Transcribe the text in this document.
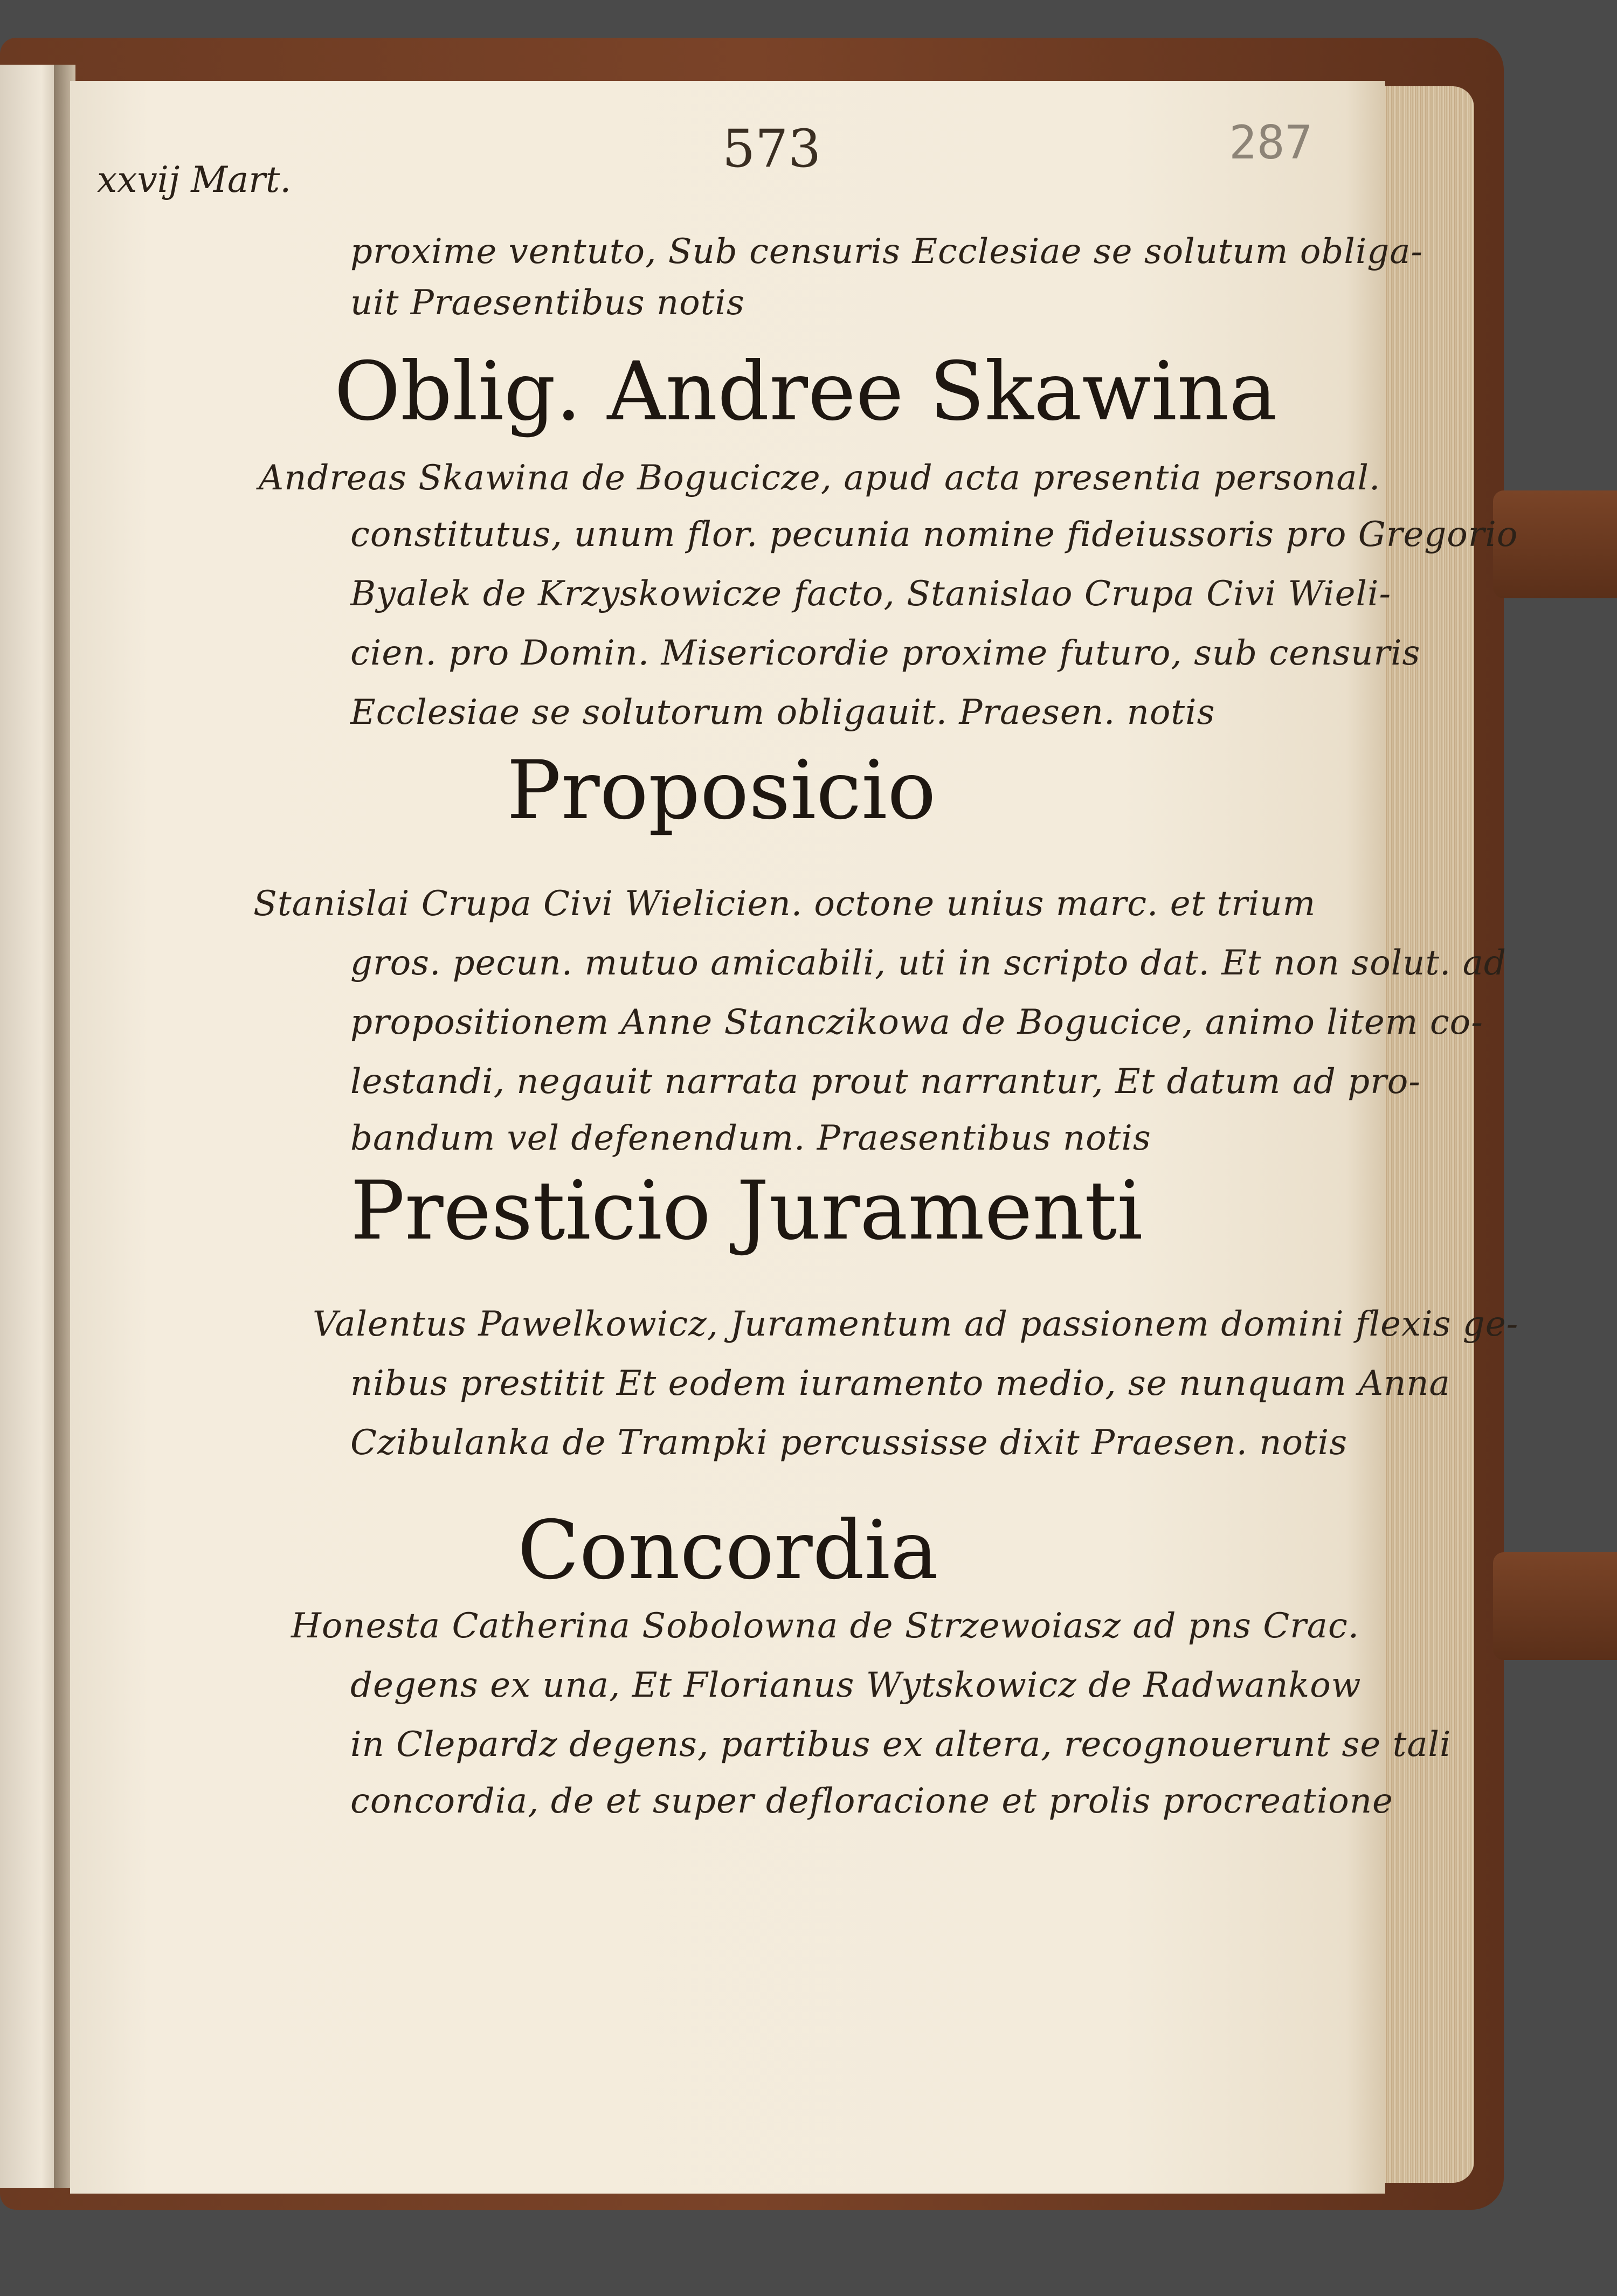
573	287
xxvij Mart.
proxime ventuto, Sub censuris Ecclesiae se solutum obliga-
uit Praesentibus notis
Oblig. Andree Skawina
Andreas Skawina de Bogucicze, apud acta presentia personal.
constitutus, unum flor. pecunia nomine fideiussoris pro Gregorio
Byalek de Krzyskowicze facto, Stanislao Crupa Civi Wieli-
cien. pro Domin. Misericordie proxime futuro, sub censuris
Ecclesiae se solutorum obligauit. Praesen. notis
Proposicio
Stanislai Crupa Civi Wielicien. octone unius marc. et trium
gros. pecun. mutuo amicabili, uti in scripto dat. Et non solut. ad
propositionem Anne Stanczikowa de Bogucice, animo litem co-
lestandi, negauit narrata prout narrantur, Et datum ad pro-
bandum vel defenendum. Praesentibus notis
Presticio Juramenti
Valentus Pawelkowicz, Juramentum ad passionem domini flexis ge-
nibus prestitit Et eodem iuramento medio, se nunquam Anna
Czibulanka de Trampki percussisse dixit Praesen. notis
Concordia
Honesta Catherina Sobolowna de Strzewoiasz ad pns Crac.
degens ex una, Et Florianus Wytskowicz de Radwankow
in Clepardz degens, partibus ex altera, recognouerunt se tali
concordia, de et super defloracione et prolis procreatione
